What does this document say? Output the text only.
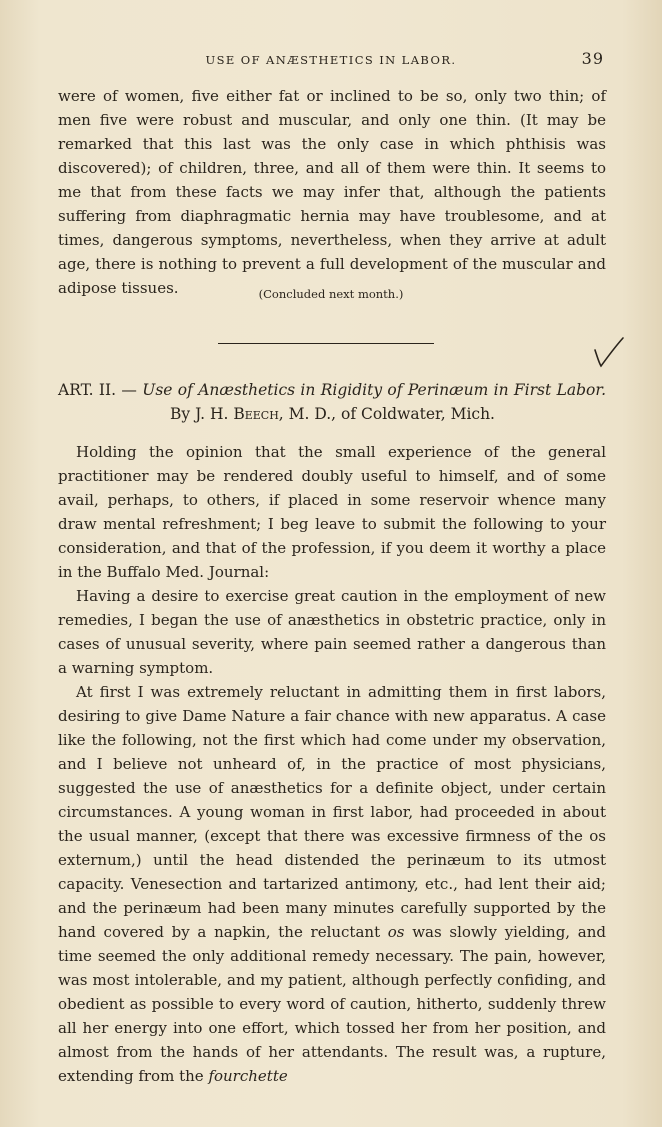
USE OF ANÆSTHETICS IN LABOR.	39

were of women, five either fat or inclined to be so, only two thin; of men five were robust and muscular, and only one thin. (It may be remarked that this last was the only case in which phthisis was discovered); of children, three, and all of them were thin. It seems to me that from these facts we may infer that, although the patients suffering from diaphragmatic hernia may have troublesome, and at times, dangerous symptoms, nevertheless, when they arrive at adult age, there is nothing to prevent a full development of the muscular and adipose tissues.	(Concluded next month.)
ART. II. — Use of Anæsthetics in Rigidity of Perinæum in First Labor.
By J. H. Beech, M. D., of Coldwater, Mich.

Holding the opinion that the small experience of the general practitioner may be rendered doubly useful to himself, and of some avail, perhaps, to others, if placed in some reservoir whence many draw mental refreshment; I beg leave to submit the following to your consideration, and that of the profession, if you deem it worthy a place in the Buffalo Med. Journal:

Having a desire to exercise great caution in the employment of new remedies, I began the use of anæsthetics in obstetric practice, only in cases of unusual severity, where pain seemed rather a dangerous than a warning symptom.

At first I was extremely reluctant in admitting them in first labors, desiring to give Dame Nature a fair chance with new apparatus. A case like the following, not the first which had come under my observation, and I believe not unheard of, in the practice of most physicians, suggested the use of anæsthetics for a definite object, under certain circumstances. A young woman in first labor, had proceeded in about the usual manner, (except that there was excessive firmness of the os externum,) until the head distended the perinæum to its utmost capacity. Venesection and tartarized antimony, etc., had lent their aid; and the perinæum had been many minutes carefully supported by the hand covered by a napkin, the reluctant os was slowly yielding, and time seemed the only additional remedy necessary. The pain, however, was most intolerable, and my patient, although perfectly confiding, and obedient as possible to every word of caution, hitherto, suddenly threw all her energy into one effort, which tossed her from her position, and almost from the hands of her attendants. The result was, a rupture, extending from the fourchette
